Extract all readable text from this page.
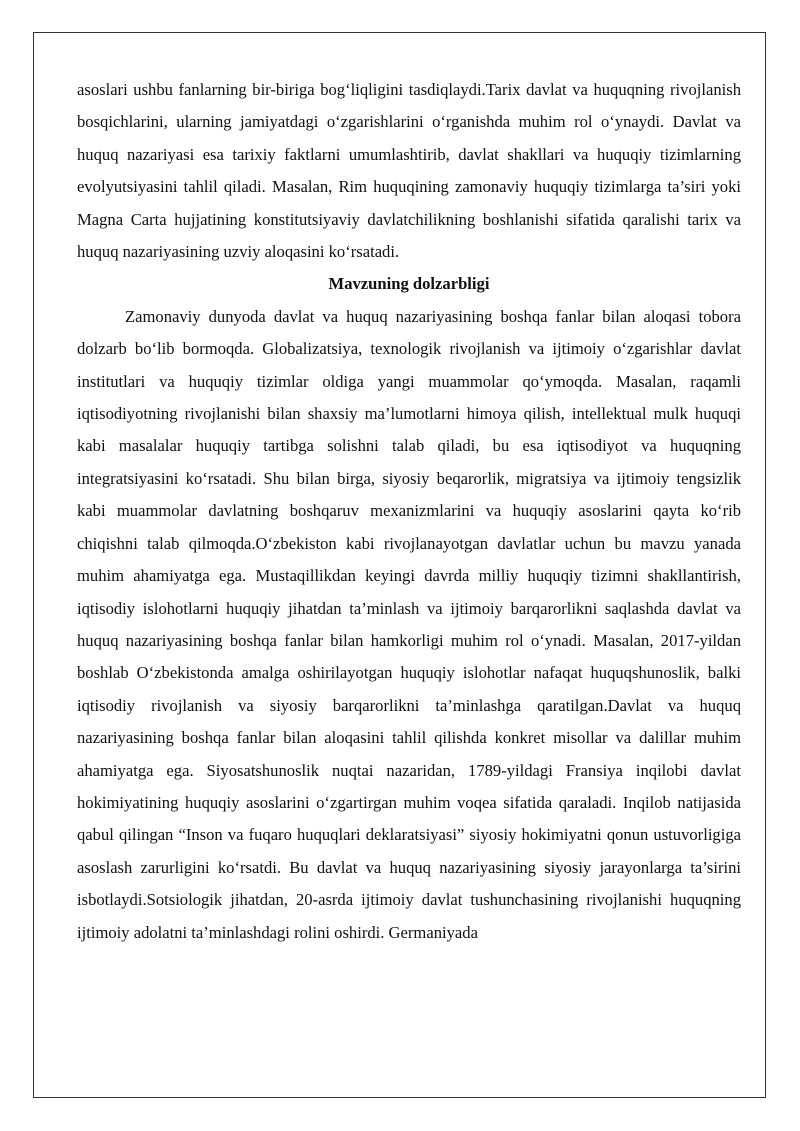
asoslari ushbu fanlarning bir-biriga bog‘liqligini tasdiqlaydi.Tarix davlat va huquqning rivojlanish bosqichlarini, ularning jamiyatdagi o‘zgarishlarini o‘rganishda muhim rol o‘ynaydi. Davlat va huquq nazariyasi esa tarixiy faktlarni umumlashtirib, davlat shakllari va huquqiy tizimlarning evolyutsiyasini tahlil qiladi. Masalan, Rim huquqining zamonaviy huquqiy tizimlarga ta’siri yoki Magna Carta hujjatining konstitutsiyaviy davlatchilikning boshlanishi sifatida qaralishi tarix va huquq nazariyasining uzviy aloqasini ko‘rsatadi.

Mavzuning dolzarbligi

Zamonaviy dunyoda davlat va huquq nazariyasining boshqa fanlar bilan aloqasi tobora dolzarb bo‘lib bormoqda. Globalizatsiya, texnologik rivojlanish va ijtimoiy o‘zgarishlar davlat institutlari va huquqiy tizimlar oldiga yangi muammolar qo‘ymoqda. Masalan, raqamli iqtisodiyotning rivojlanishi bilan shaxsiy ma’lumotlarni himoya qilish, intellektual mulk huquqi kabi masalalar huquqiy tartibga solishni talab qiladi, bu esa iqtisodiyot va huquqning integratsiyasini ko‘rsatadi. Shu bilan birga, siyosiy beqarorlik, migratsiya va ijtimoiy tengsizlik kabi muammolar davlatning boshqaruv mexanizmlarini va huquqiy asoslarini qayta ko‘rib chiqishni talab qilmoqda.O‘zbekiston kabi rivojlanayotgan davlatlar uchun bu mavzu yanada muhim ahamiyatga ega. Mustaqillikdan keyingi davrda milliy huquqiy tizimni shakllantirish, iqtisodiy islohotlarni huquqiy jihatdan ta’minlash va ijtimoiy barqarorlikni saqlashda davlat va huquq nazariyasining boshqa fanlar bilan hamkorligi muhim rol o‘ynadi. Masalan, 2017-yildan boshlab O‘zbekistonda amalga oshirilayotgan huquqiy islohotlar nafaqat huquqshunoslik, balki iqtisodiy rivojlanish va siyosiy barqarorlikni ta’minlashga qaratilgan.Davlat va huquq nazariyasining boshqa fanlar bilan aloqasini tahlil qilishda konkret misollar va dalillar muhim ahamiyatga ega. Siyosatshunoslik nuqtai nazaridan, 1789-yildagi Fransiya inqilobi davlat hokimiyatining huquqiy asoslarini o‘zgartirgan muhim voqea sifatida qaraladi. Inqilob natijasida qabul qilingan “Inson va fuqaro huquqlari deklaratsiyasi” siyosiy hokimiyatni qonun ustuvorligiga asoslash zarurligini ko‘rsatdi. Bu davlat va huquq nazariyasining siyosiy jarayonlarga ta’sirini isbotlaydi.Sotsiologik jihatdan, 20-asrda ijtimoiy davlat tushunchasining rivojlanishi huquqning ijtimoiy adolatni ta’minlashdagi rolini oshirdi. Germaniyada
